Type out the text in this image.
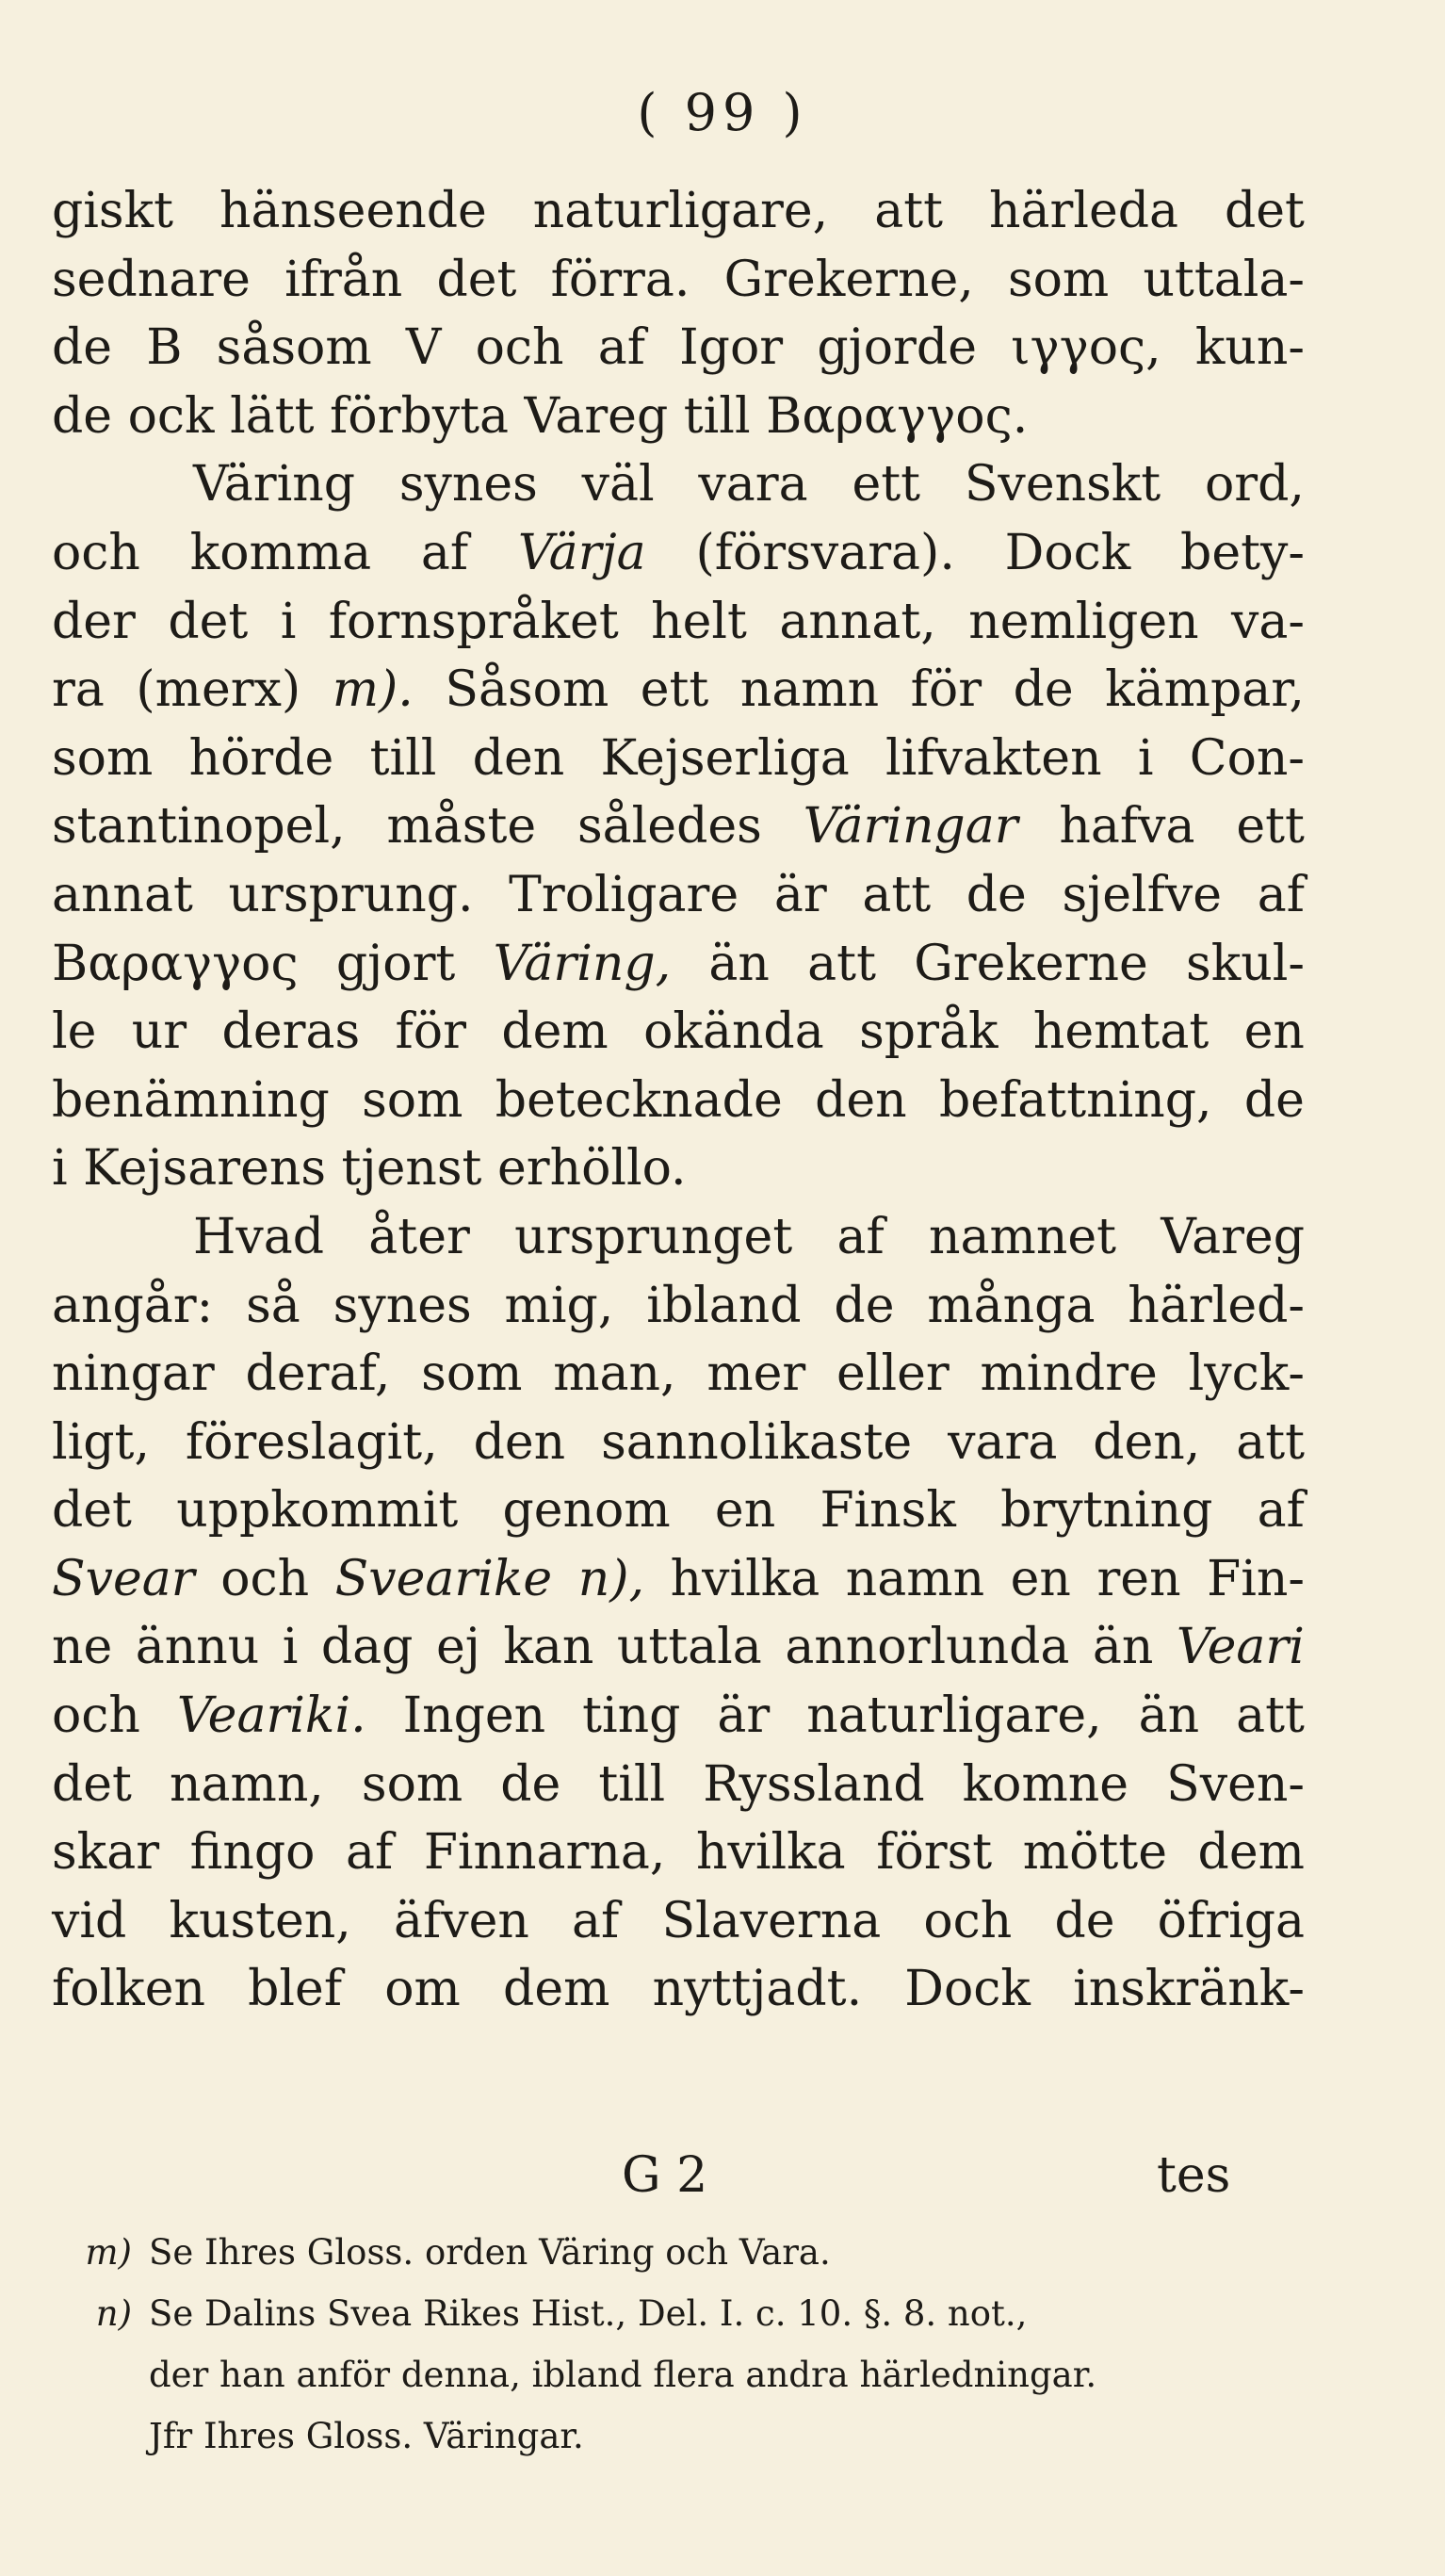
( 99 )
giskt hänseende naturligare, att härleda det
sednare ifrån det förra. Grekerne, som uttala-
de Β såsom V och af Igor gjorde ιγγος, kun-
de ock lätt förbyta Vareg till Βαραγγος.
Väring synes väl vara ett Svenskt ord,
och komma af Värja (försvara). Dock bety-
der det i fornspråket helt annat, nemligen va-
ra (merx) m). Såsom ett namn för de kämpar,
som hörde till den Kejserliga lifvakten i Con-
stantinopel, måste således Väringar hafva ett
annat ursprung. Troligare är att de sjelfve af
Βαραγγος gjort Väring, än att Grekerne skul-
le ur deras för dem okända språk hemtat en
benämning som betecknade den befattning, de
i Kejsarens tjenst erhöllo.
Hvad åter ursprunget af namnet Vareg
angår: så synes mig, ibland de många härled-
ningar deraf, som man, mer eller mindre lyck-
ligt, föreslagit, den sannolikaste vara den, att
det uppkommit genom en Finsk brytning af
Svear och Svearike n), hvilka namn en ren Fin-
ne ännu i dag ej kan uttala annorlunda än Veari
och Veariki. Ingen ting är naturligare, än att
det namn, som de till Ryssland komne Sven-
skar fingo af Finnarna, hvilka först mötte dem
vid kusten, äfven af Slaverna och de öfriga
folken blef om dem nyttjadt. Dock inskränk-
G 2	tes
m) Se Ihres Gloss. orden Väring och Vara.
n) Se Dalins Svea Rikes Hist., Del. I. c. 10. §. 8. not.,
der han anför denna, ibland flera andra härledningar.
Jfr Ihres Gloss. Väringar.
